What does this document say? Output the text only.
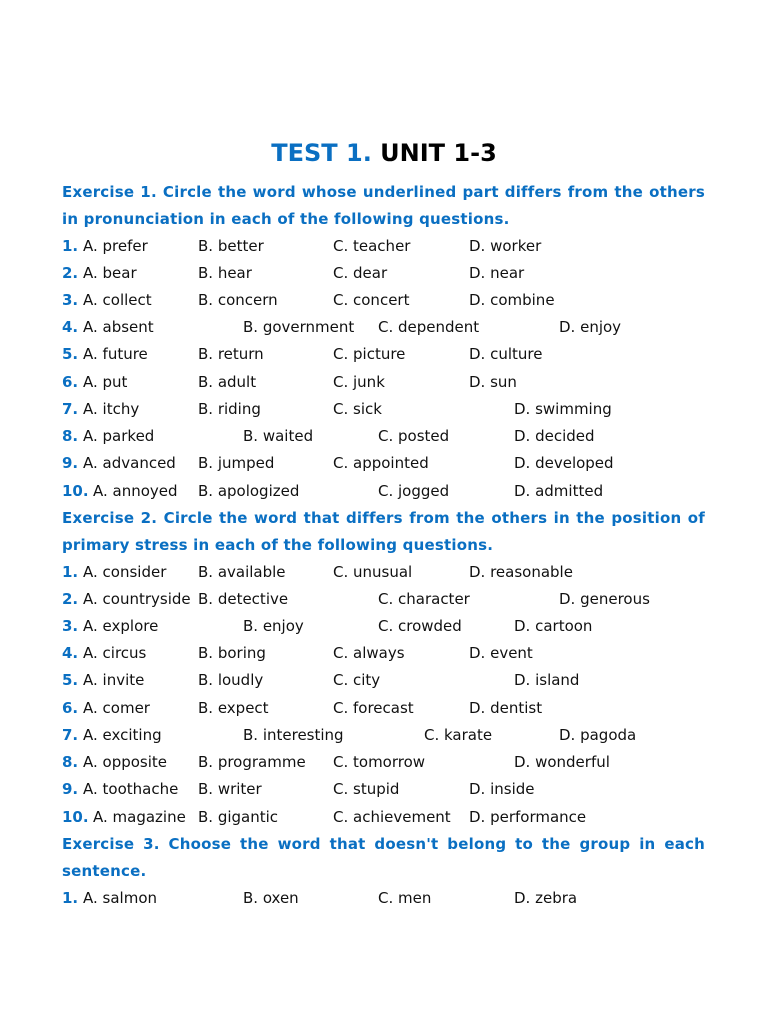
TEST 1. UNIT 1-3
Exercise 1. Circle the word whose underlined part differs from the others in pronunciation in each of the following questions.
1. A. prefer	B. better	C. teacher	D. worker
2. A. bear	B. hear	C. dear	D. near
3. A. collect	B. concern	C. concert	D. combine
4. A. absent	B. government C. dependent	D. enjoy
5. A. future	B. return	C. picture	D. culture
6. A. put	B. adult	C. junk	D. sun
7. A. itchy	B. riding	C. sick	D. swimming
8. A. parked	B. waited	C. posted	D. decided
9. A. advanced B. jumped	C. appointed	D. developed
10. A. annoyed B. apologized	C. jogged	D. admitted
Exercise 2. Circle the word that differs from the others in the position of primary stress in each of the following questions.
1. A. consider B. available	C. unusual	D. reasonable
2. A. countryside B. detective	C. character	D. generous
3. A. explore	B. enjoy	C. crowded	D. cartoon
4. A. circus	B. boring	C. always	D. event
5. A. invite	B. loudly	C. city	D. island
6. A. comer	B. expect	C. forecast	D. dentist
7. A. exciting	B. interesting	C. karate	D. pagoda
8. A. opposite B. programme C. tomorrow	D. wonderful
9. A. toothache B. writer	C. stupid	D. inside
10. A. magazine B. gigantic	C. achievement D. performance
Exercise 3. Choose the word that doesn't belong to the group in each sentence.
1. A. salmon	B. oxen	C. men	D. zebra
